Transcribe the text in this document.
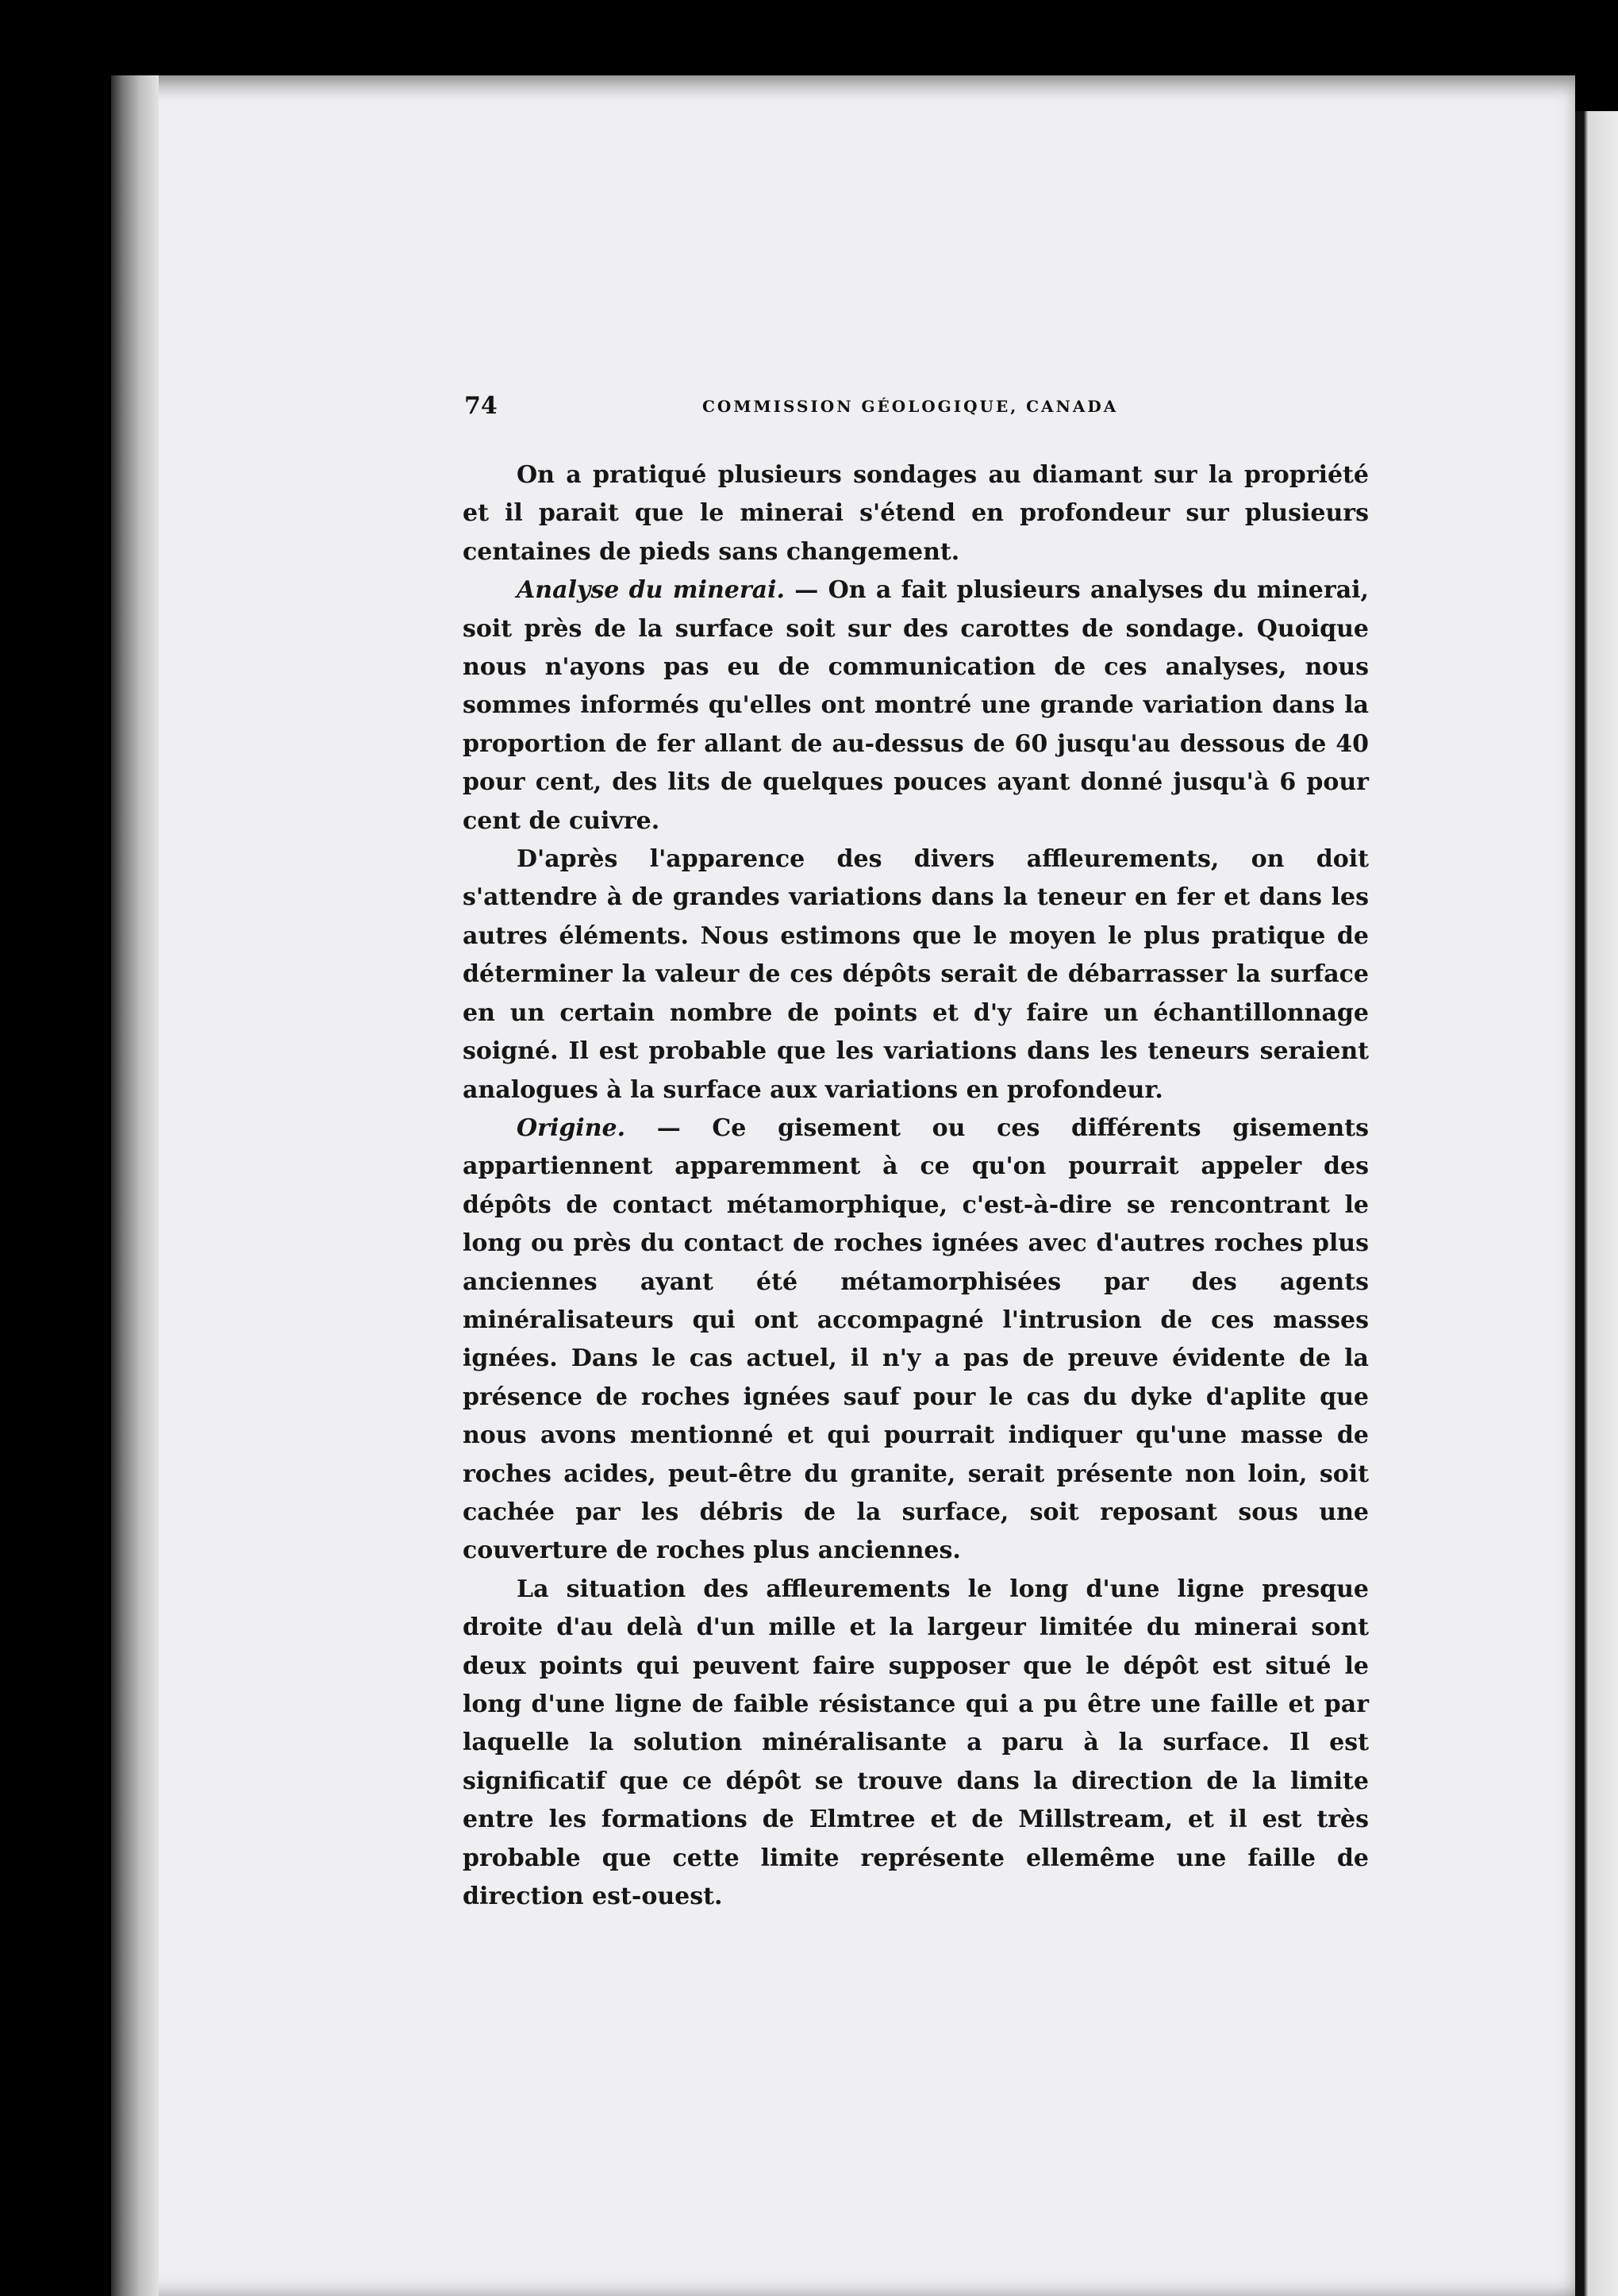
74	COMMISSION GÉOLOGIQUE, CANADA

On a pratiqué plusieurs sondages au diamant sur la propriété et il parait que le minerai s'étend en profondeur sur plusieurs centaines de pieds sans changement.

Analyse du minerai. — On a fait plusieurs analyses du minerai, soit près de la surface soit sur des carottes de sondage. Quoique nous n'ayons pas eu de communication de ces analyses, nous sommes informés qu'elles ont montré une grande variation dans la proportion de fer allant de au-dessus de 60 jusqu'au dessous de 40 pour cent, des lits de quelques pouces ayant donné jusqu'à 6 pour cent de cuivre.

D'après l'apparence des divers affleurements, on doit s'attendre à de grandes variations dans la teneur en fer et dans les autres éléments. Nous estimons que le moyen le plus pratique de déterminer la valeur de ces dépôts serait de débarrasser la surface en un certain nombre de points et d'y faire un échantillonnage soigné. Il est probable que les variations dans les teneurs seraient analogues à la surface aux variations en profondeur.

Origine. — Ce gisement ou ces différents gisements appartiennent apparemment à ce qu'on pourrait appeler des dépôts de contact métamorphique, c'est-à-dire se rencontrant le long ou près du contact de roches ignées avec d'autres roches plus anciennes ayant été métamorphisées par des agents minéralisateurs qui ont accompagné l'intrusion de ces masses ignées. Dans le cas actuel, il n'y a pas de preuve évidente de la présence de roches ignées sauf pour le cas du dyke d'aplite que nous avons mentionné et qui pourrait indiquer qu'une masse de roches acides, peut-être du granite, serait présente non loin, soit cachée par les débris de la surface, soit reposant sous une couverture de roches plus anciennes.

La situation des affleurements le long d'une ligne presque droite d'au delà d'un mille et la largeur limitée du minerai sont deux points qui peuvent faire supposer que le dépôt est situé le long d'une ligne de faible résistance qui a pu être une faille et par laquelle la solution minéralisante a paru à la surface. Il est significatif que ce dépôt se trouve dans la direction de la limite entre les formations de Elmtree et de Millstream, et il est très probable que cette limite représente ellemême une faille de direction est-ouest.
